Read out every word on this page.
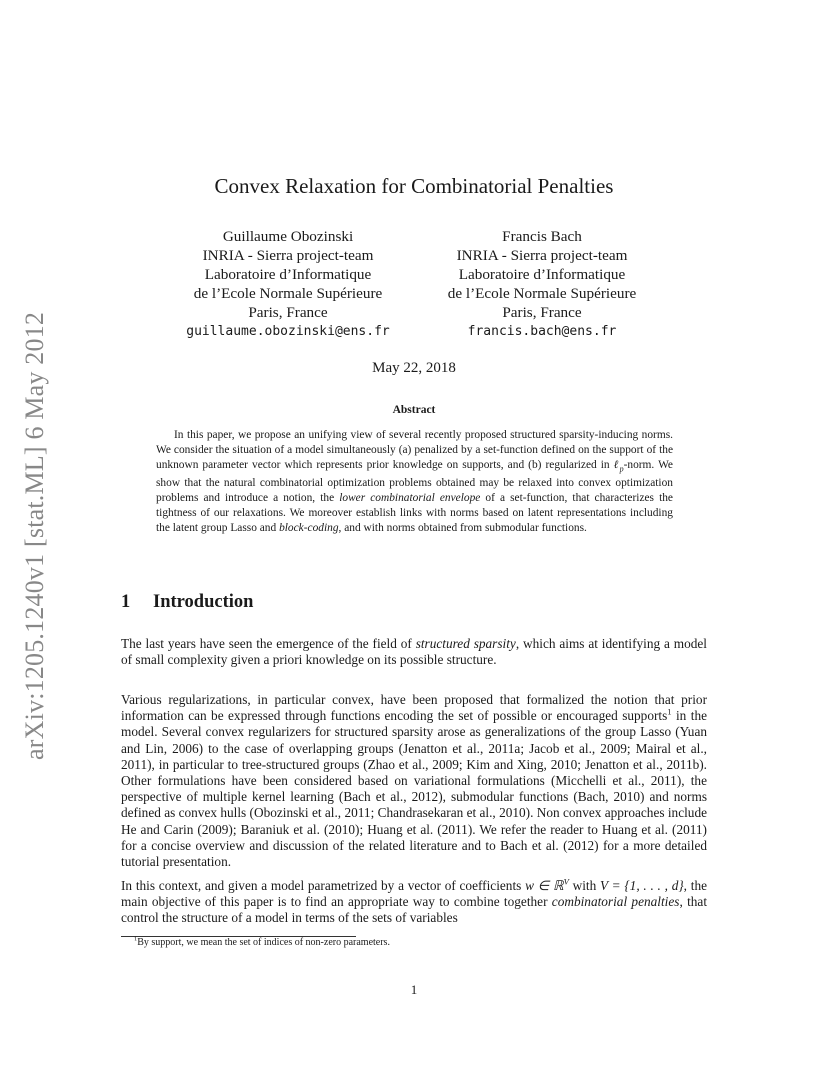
arXiv:1205.1240v1 [stat.ML] 6 May 2012
Convex Relaxation for Combinatorial Penalties
Guillaume Obozinski
INRIA - Sierra project-team
Laboratoire d’Informatique
de l’Ecole Normale Supérieure
Paris, France
guillaume.obozinski@ens.fr
Francis Bach
INRIA - Sierra project-team
Laboratoire d’Informatique
de l’Ecole Normale Supérieure
Paris, France
francis.bach@ens.fr
May 22, 2018
Abstract
In this paper, we propose an unifying view of several recently proposed structured sparsity-inducing norms. We consider the situation of a model simultaneously (a) penalized by a set-function defined on the support of the unknown parameter vector which represents prior knowledge on supports, and (b) regularized in ℓ$_p$-norm. We show that the natural combinatorial optimization problems obtained may be relaxed into convex optimization problems and introduce a notion, the lower combinatorial envelope of a set-function, that characterizes the tightness of our relaxations. We moreover establish links with norms based on latent representations including the latent group Lasso and block-coding, and with norms obtained from submodular functions.
1 Introduction
The last years have seen the emergence of the field of structured sparsity, which aims at identifying a model of small complexity given a priori knowledge on its possible structure.
Various regularizations, in particular convex, have been proposed that formalized the notion that prior information can be expressed through functions encoding the set of possible or encouraged supports$^1$ in the model. Several convex regularizers for structured sparsity arose as generalizations of the group Lasso (Yuan and Lin, 2006) to the case of overlapping groups (Jenatton et al., 2011a; Jacob et al., 2009; Mairal et al., 2011), in particular to tree-structured groups (Zhao et al., 2009; Kim and Xing, 2010; Jenatton et al., 2011b). Other formulations have been considered based on variational formulations (Micchelli et al., 2011), the perspective of multiple kernel learning (Bach et al., 2012), submodular functions (Bach, 2010) and norms defined as convex hulls (Obozinski et al., 2011; Chandrasekaran et al., 2010). Non convex approaches include He and Carin (2009); Baraniuk et al. (2010); Huang et al. (2011). We refer the reader to Huang et al. (2011) for a concise overview and discussion of the related literature and to Bach et al. (2012) for a more detailed tutorial presentation.
In this context, and given a model parametrized by a vector of coefficients w ∈ ℝ$^V$ with V = {1, . . . , d}, the main objective of this paper is to find an appropriate way to combine together combinatorial penalties, that control the structure of a model in terms of the sets of variables
$^1$By support, we mean the set of indices of non-zero parameters.
1
